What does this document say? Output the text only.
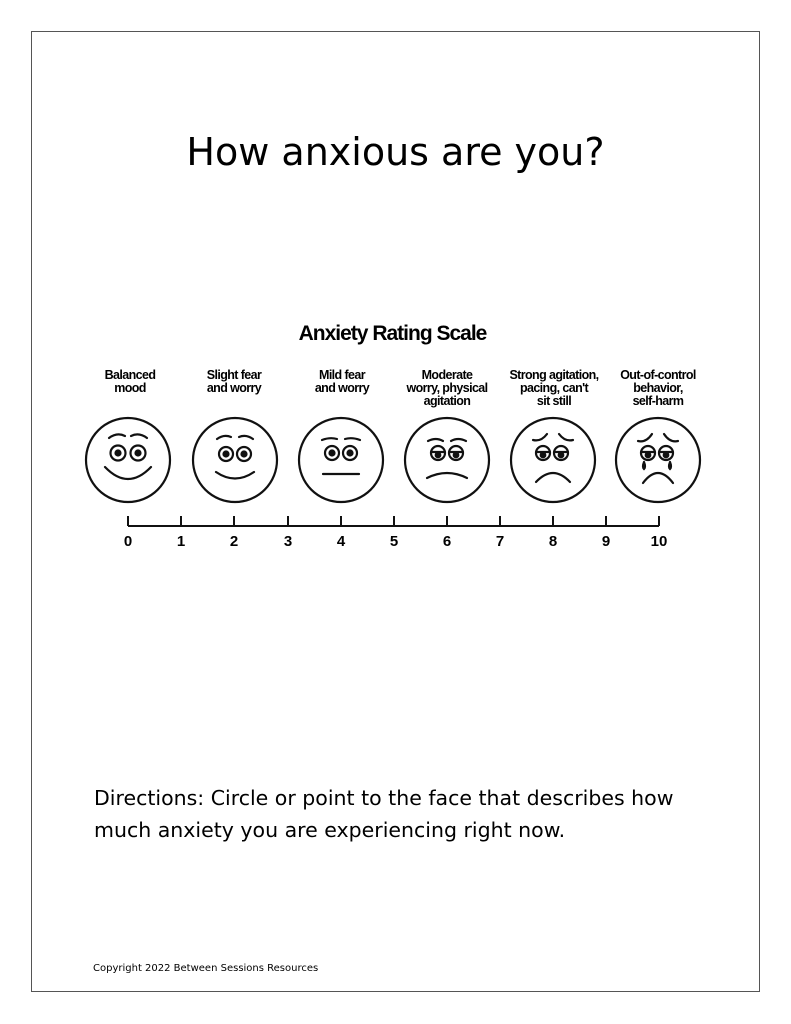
How anxious are you?
Anxiety Rating Scale
Balanced
mood
Slight fear
and worry
Mild fear
and worry
Moderate
worry, physical
agitation
Strong agitation,
pacing, can't
sit still
Out-of-control
behavior,
self-harm
0	1	2	3	4	5	6	7	8	9	10
Directions: Circle or point to the face that describes how much anxiety you are experiencing right now.
Copyright 2022 Between Sessions Resources
